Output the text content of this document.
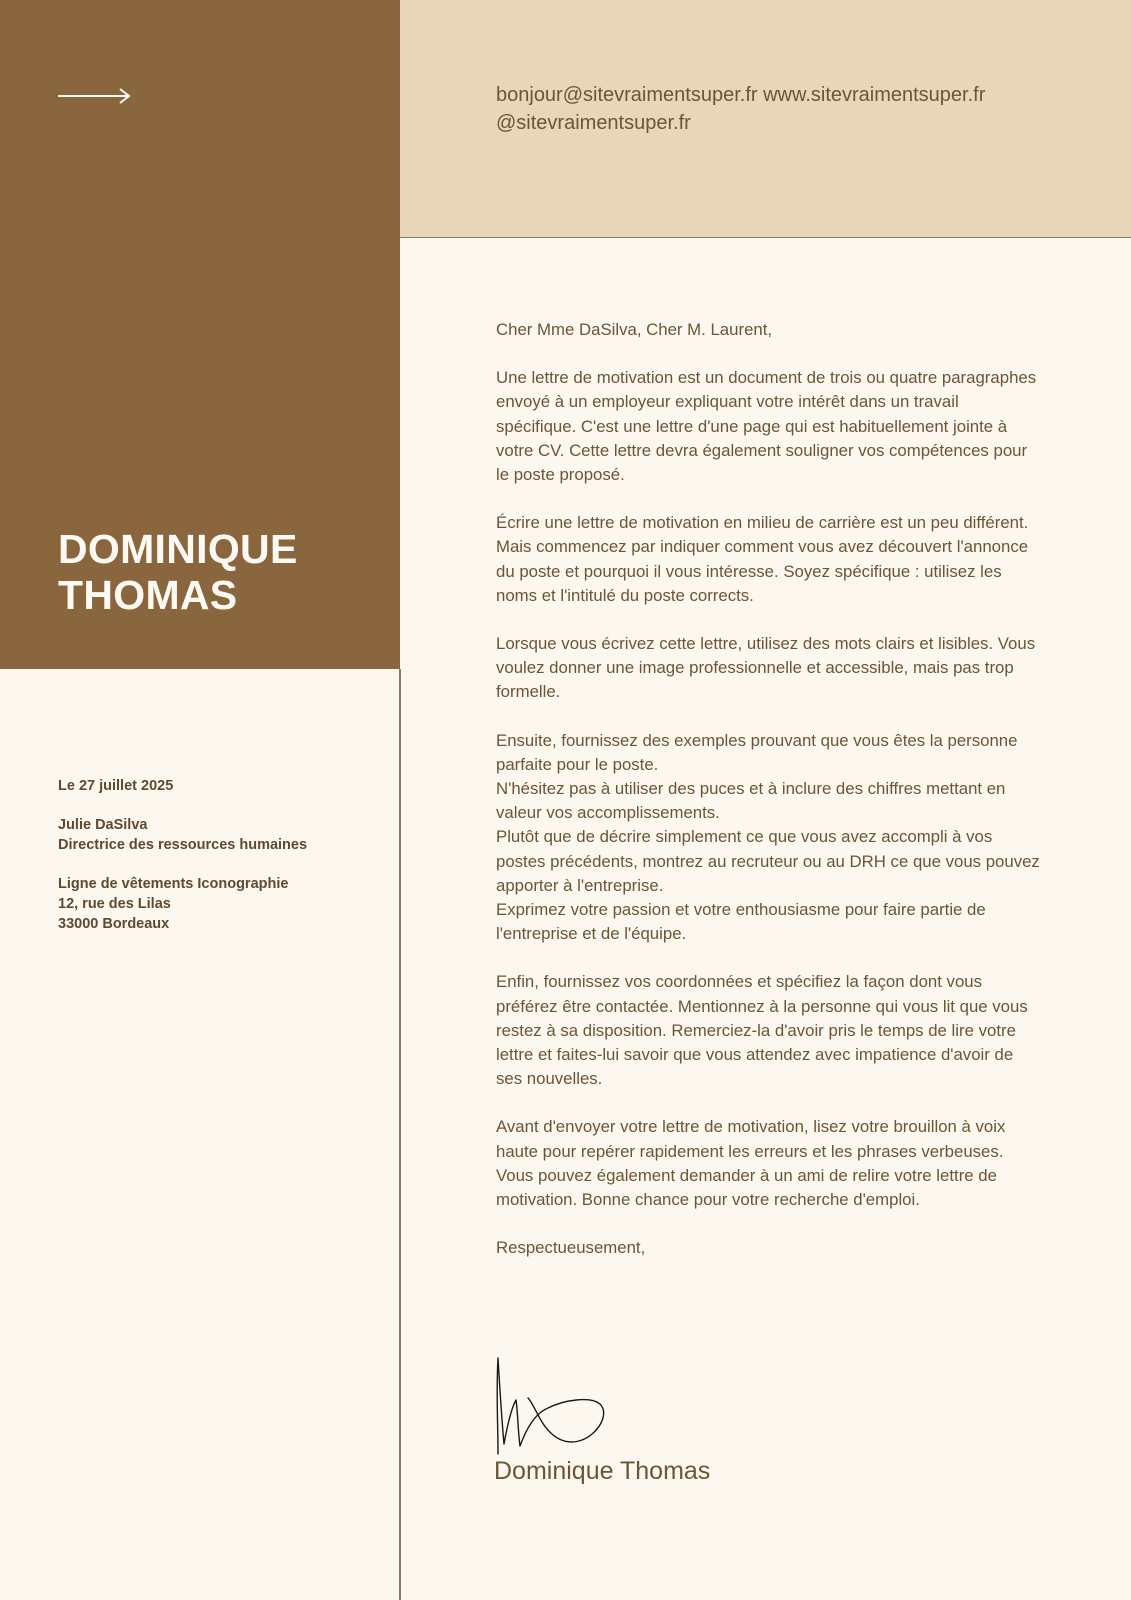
DOMINIQUE
THOMAS
bonjour@sitevraimentsuper.fr www.sitevraimentsuper.fr
@sitevraimentsuper.fr
Le 27 juillet 2025
Julie DaSilva
Directrice des ressources humaines
Ligne de vêtements Iconographie
12, rue des Lilas
33000 Bordeaux

Cher Mme DaSilva, Cher M. Laurent,

Une lettre de motivation est un document de trois ou quatre paragraphes envoyé à un employeur expliquant votre intérêt dans un travail spécifique. C'est une lettre d'une page qui est habituellement jointe à votre CV. Cette lettre devra également souligner vos compétences pour le poste proposé.

Écrire une lettre de motivation en milieu de carrière est un peu différent. Mais commencez par indiquer comment vous avez découvert l'annonce du poste et pourquoi il vous intéresse. Soyez spécifique : utilisez les noms et l'intitulé du poste corrects.

Lorsque vous écrivez cette lettre, utilisez des mots clairs et lisibles. Vous voulez donner une image professionnelle et accessible, mais pas trop formelle.

Ensuite, fournissez des exemples prouvant que vous êtes la personne parfaite pour le poste.
N'hésitez pas à utiliser des puces et à inclure des chiffres mettant en valeur vos accomplissements.
Plutôt que de décrire simplement ce que vous avez accompli à vos postes précédents, montrez au recruteur ou au DRH ce que vous pouvez apporter à l'entreprise.
Exprimez votre passion et votre enthousiasme pour faire partie de l'entreprise et de l'équipe.

Enfin, fournissez vos coordonnées et spécifiez la façon dont vous préférez être contactée. Mentionnez à la personne qui vous lit que vous restez à sa disposition. Remerciez-la d'avoir pris le temps de lire votre lettre et faites-lui savoir que vous attendez avec impatience d'avoir de ses nouvelles.

Avant d'envoyer votre lettre de motivation, lisez votre brouillon à voix haute pour repérer rapidement les erreurs et les phrases verbeuses. Vous pouvez également demander à un ami de relire votre lettre de motivation. Bonne chance pour votre recherche d'emploi.

Respectueusement,

Dominique Thomas
